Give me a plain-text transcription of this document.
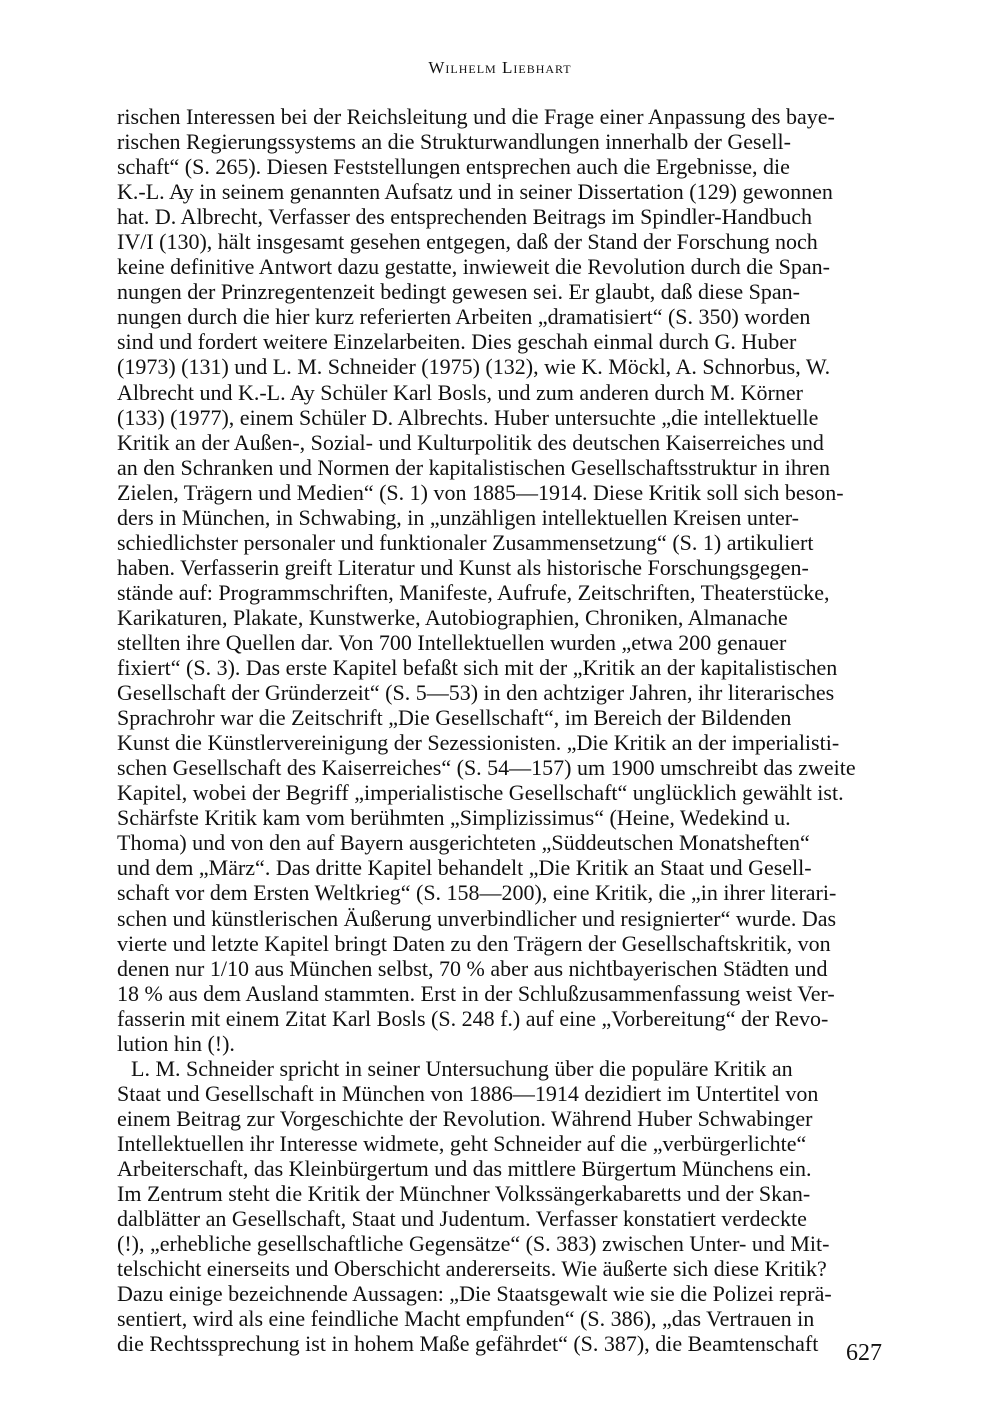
Wilhelm Liebhart
rischen Interessen bei der Reichsleitung und die Frage einer Anpassung des baye-
rischen Regierungssystems an die Strukturwandlungen innerhalb der Gesell-
schaft“ (S. 265). Diesen Feststellungen entsprechen auch die Ergebnisse, die
K.-L. Ay in seinem genannten Aufsatz und in seiner Dissertation (129) gewonnen
hat. D. Albrecht, Verfasser des entsprechenden Beitrags im Spindler-Handbuch
IV/I (130), hält insgesamt gesehen entgegen, daß der Stand der Forschung noch
keine definitive Antwort dazu gestatte, inwieweit die Revolution durch die Span-
nungen der Prinzregentenzeit bedingt gewesen sei. Er glaubt, daß diese Span-
nungen durch die hier kurz referierten Arbeiten „dramatisiert“ (S. 350) worden
sind und fordert weitere Einzelarbeiten. Dies geschah einmal durch G. Huber
(1973) (131) und L. M. Schneider (1975) (132), wie K. Möckl, A. Schnorbus, W.
Albrecht und K.-L. Ay Schüler Karl Bosls, und zum anderen durch M. Körner
(133) (1977), einem Schüler D. Albrechts. Huber untersuchte „die intellektuelle
Kritik an der Außen-, Sozial- und Kulturpolitik des deutschen Kaiserreiches und
an den Schranken und Normen der kapitalistischen Gesellschaftsstruktur in ihren
Zielen, Trägern und Medien“ (S. 1) von 1885—1914. Diese Kritik soll sich beson-
ders in München, in Schwabing, in „unzähligen intellektuellen Kreisen unter-
schiedlichster personaler und funktionaler Zusammensetzung“ (S. 1) artikuliert
haben. Verfasserin greift Literatur und Kunst als historische Forschungsgegen-
stände auf: Programmschriften, Manifeste, Aufrufe, Zeitschriften, Theaterstücke,
Karikaturen, Plakate, Kunstwerke, Autobiographien, Chroniken, Almanache
stellten ihre Quellen dar. Von 700 Intellektuellen wurden „etwa 200 genauer
fixiert“ (S. 3). Das erste Kapitel befaßt sich mit der „Kritik an der kapitalistischen
Gesellschaft der Gründerzeit“ (S. 5—53) in den achtziger Jahren, ihr literarisches
Sprachrohr war die Zeitschrift „Die Gesellschaft“, im Bereich der Bildenden
Kunst die Künstlervereinigung der Sezessionisten. „Die Kritik an der imperialisti-
schen Gesellschaft des Kaiserreiches“ (S. 54—157) um 1900 umschreibt das zweite
Kapitel, wobei der Begriff „imperialistische Gesellschaft“ unglücklich gewählt ist.
Schärfste Kritik kam vom berühmten „Simplizissimus“ (Heine, Wedekind u.
Thoma) und von den auf Bayern ausgerichteten „Süddeutschen Monatsheften“
und dem „März“. Das dritte Kapitel behandelt „Die Kritik an Staat und Gesell-
schaft vor dem Ersten Weltkrieg“ (S. 158—200), eine Kritik, die „in ihrer literari-
schen und künstlerischen Äußerung unverbindlicher und resignierter“ wurde. Das
vierte und letzte Kapitel bringt Daten zu den Trägern der Gesellschaftskritik, von
denen nur 1/10 aus München selbst, 70 % aber aus nichtbayerischen Städten und
18 % aus dem Ausland stammten. Erst in der Schlußzusammenfassung weist Ver-
fasserin mit einem Zitat Karl Bosls (S. 248 f.) auf eine „Vorbereitung“ der Revo-
lution hin (!).
L. M. Schneider spricht in seiner Untersuchung über die populäre Kritik an
Staat und Gesellschaft in München von 1886—1914 dezidiert im Untertitel von
einem Beitrag zur Vorgeschichte der Revolution. Während Huber Schwabinger
Intellektuellen ihr Interesse widmete, geht Schneider auf die „verbürgerlichte“
Arbeiterschaft, das Kleinbürgertum und das mittlere Bürgertum Münchens ein.
Im Zentrum steht die Kritik der Münchner Volkssängerkabaretts und der Skan-
dalblätter an Gesellschaft, Staat und Judentum. Verfasser konstatiert verdeckte
(!), „erhebliche gesellschaftliche Gegensätze“ (S. 383) zwischen Unter- und Mit-
telschicht einerseits und Oberschicht andererseits. Wie äußerte sich diese Kritik?
Dazu einige bezeichnende Aussagen: „Die Staatsgewalt wie sie die Polizei reprä-
sentiert, wird als eine feindliche Macht empfunden“ (S. 386), „das Vertrauen in
die Rechtssprechung ist in hohem Maße gefährdet“ (S. 387), die Beamtenschaft	627
